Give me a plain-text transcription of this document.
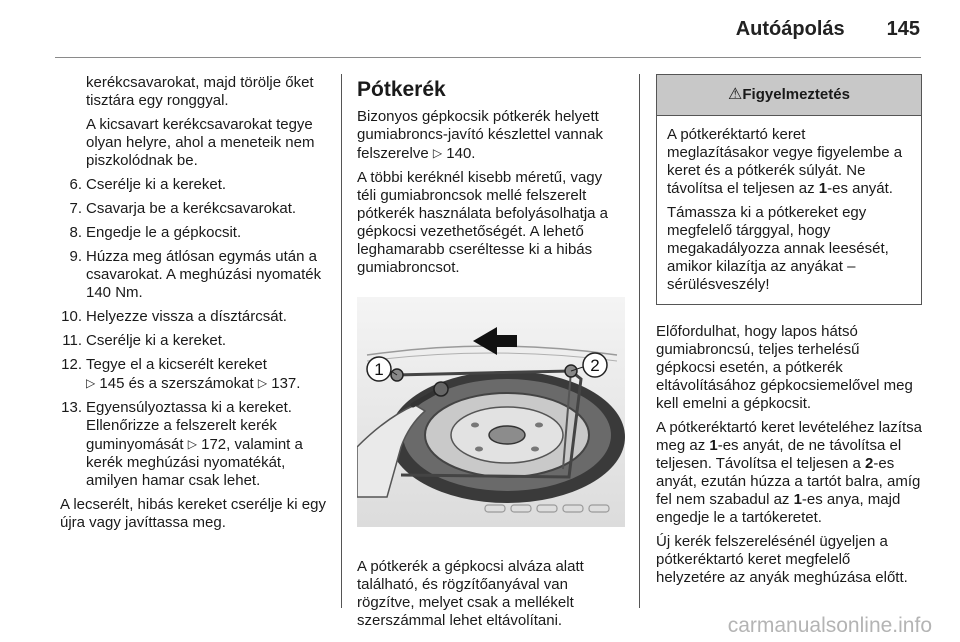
Autóápolás 145

kerékcsavarokat, majd törölje őket tisztára egy ronggyal.

A kicsavart kerékcsavarokat tegye olyan helyre, ahol a meneteik nem piszkolódnak be.

6. Cserélje ki a kereket.
7. Csavarja be a kerékcsavarokat.
8. Engedje le a gépkocsit.
9. Húzza meg átlósan egymás után a csavarokat. A meghúzási nyomaték 140 Nm.
10. Helyezze vissza a dísztárcsát.
11. Cserélje ki a kereket.
12. Tegye el a kicserélt kereket
▷ 145 és a szerszámokat ▷ 137.
13. Egyensúlyoztassa ki a kereket. Ellenőrizze a felszerelt kerék guminyomását ▷ 172, valamint a kerék meghúzási nyomatékát, amilyen hamar csak lehet.

A lecserélt, hibás kereket cserélje ki egy újra vagy javíttassa meg.

Pótkerék

Bizonyos gépkocsik pótkerék helyett gumiabroncs-javító készlettel vannak felszerelve ▷ 140.

A többi keréknél kisebb méretű, vagy téli gumiabroncsok mellé felszerelt pótkerék használata befolyásolhatja a gépkocsi vezethetőségét. A lehető leghamarabb cseréltesse ki a hibás gumiabroncsot.

1	2

A pótkerék a gépkocsi alváza alatt található, és rögzítőanyával van rögzítve, melyet csak a mellékelt szerszámmal lehet eltávolítani.

⚠Figyelmeztetés

A pótkeréktartó keret meglazításakor vegye figyelembe a keret és a pótkerék súlyát. Ne távolítsa el teljesen az 1-es anyát.

Támassza ki a pótkereket egy megfelelő tárggyal, hogy megakadályozza annak leesését, amikor kilazítja az anyákat – sérülésveszély!

Előfordulhat, hogy lapos hátsó gumiabroncsú, teljes terhelésű gépkocsi esetén, a pótkerék eltávolításához gépkocsiemelővel meg kell emelni a gépkocsit.

A pótkeréktartó keret levételéhez lazítsa meg az 1-es anyát, de ne távolítsa el teljesen. Távolítsa el teljesen a 2-es anyát, ezután húzza a tartót balra, amíg fel nem szabadul az 1-es anya, majd engedje le a tartókeretet.

Új kerék felszerelésénél ügyeljen a pótkeréktartó keret megfelelő helyzetére az anyák meghúzása előtt.

carmanualsonline.info
